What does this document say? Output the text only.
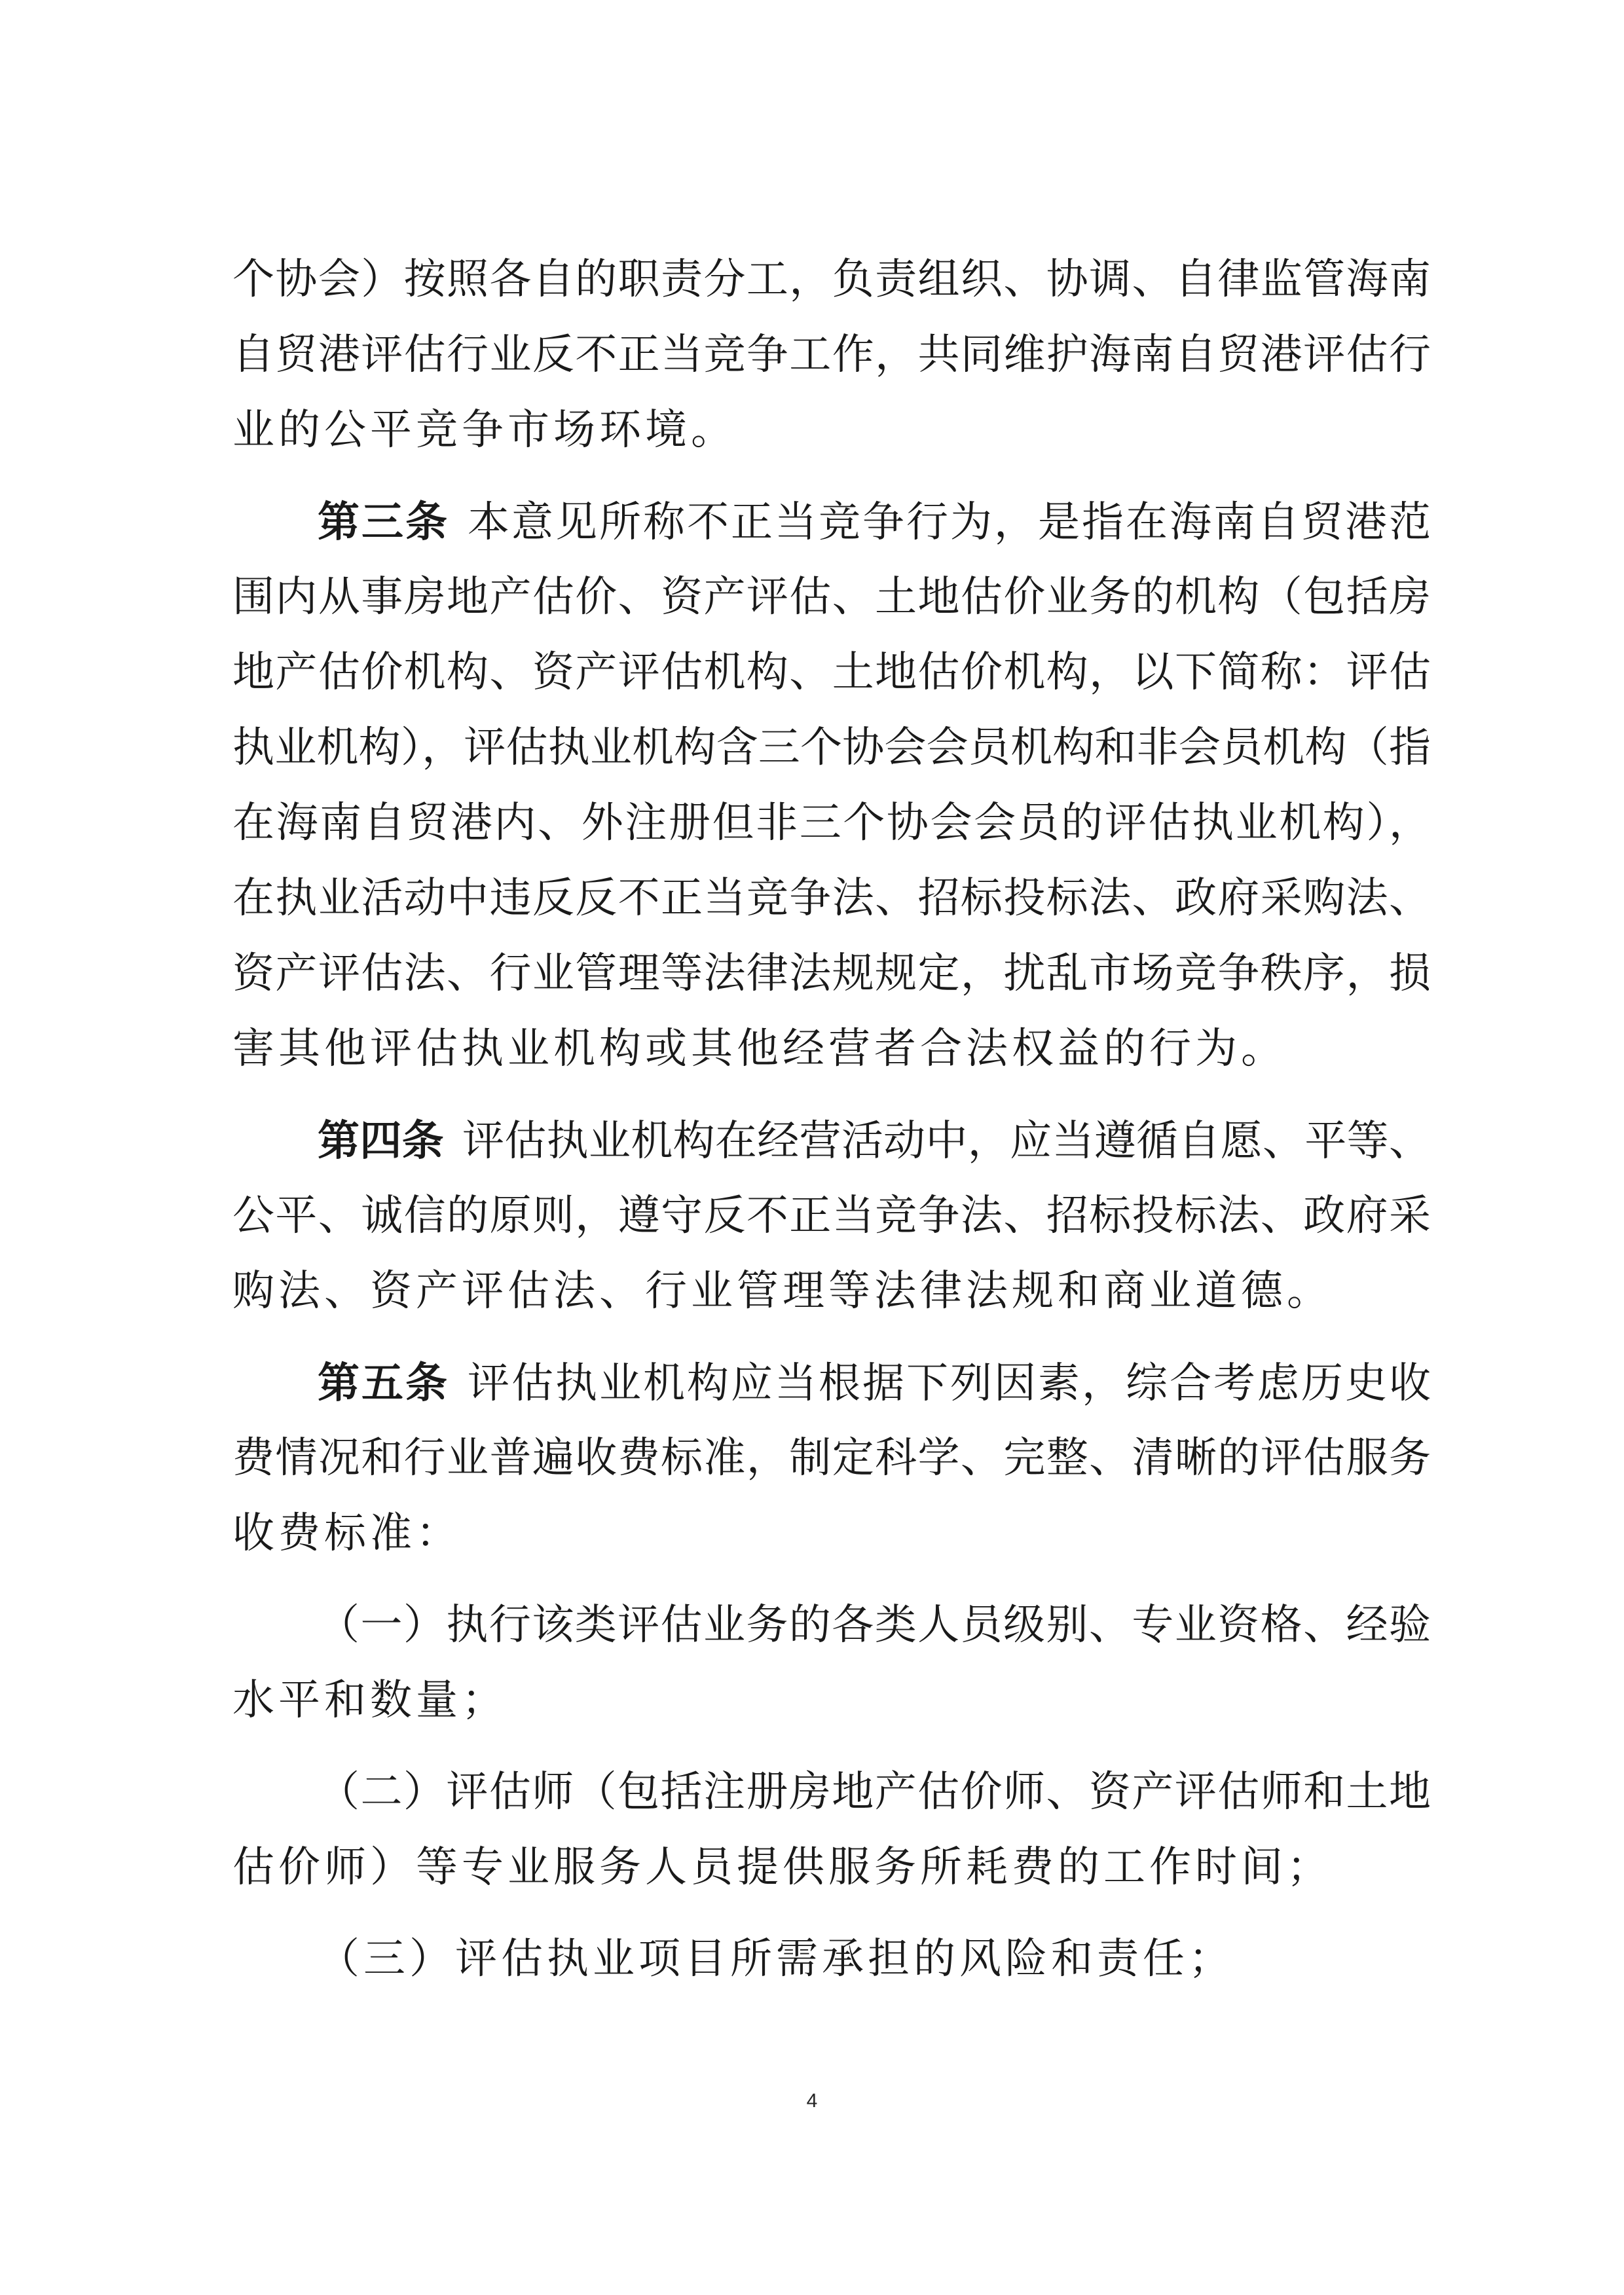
个协会）按照各自的职责分工，负责组织、协调、自律监管海南
自贸港评估行业反不正当竞争工作，共同维护海南自贸港评估行
业的公平竞争市场环境。
第三条 本意见所称不正当竞争行为，是指在海南自贸港范
围内从事房地产估价、资产评估、土地估价业务的机构（包括房
地产估价机构、资产评估机构、土地估价机构，以下简称：评估
执业机构），评估执业机构含三个协会会员机构和非会员机构（指
在海南自贸港内、外注册但非三个协会会员的评估执业机构），
在执业活动中违反反不正当竞争法、招标投标法、政府采购法、
资产评估法、行业管理等法律法规规定，扰乱市场竞争秩序，损
害其他评估执业机构或其他经营者合法权益的行为。
第四条 评估执业机构在经营活动中，应当遵循自愿、平等、
公平、诚信的原则，遵守反不正当竞争法、招标投标法、政府采
购法、资产评估法、行业管理等法律法规和商业道德。
第五条 评估执业机构应当根据下列因素，综合考虑历史收
费情况和行业普遍收费标准，制定科学、完整、清晰的评估服务
收费标准：
（一）执行该类评估业务的各类人员级别、专业资格、经验
水平和数量；
（二）评估师（包括注册房地产估价师、资产评估师和土地
估价师）等专业服务人员提供服务所耗费的工作时间；
（三）评估执业项目所需承担的风险和责任；
4
